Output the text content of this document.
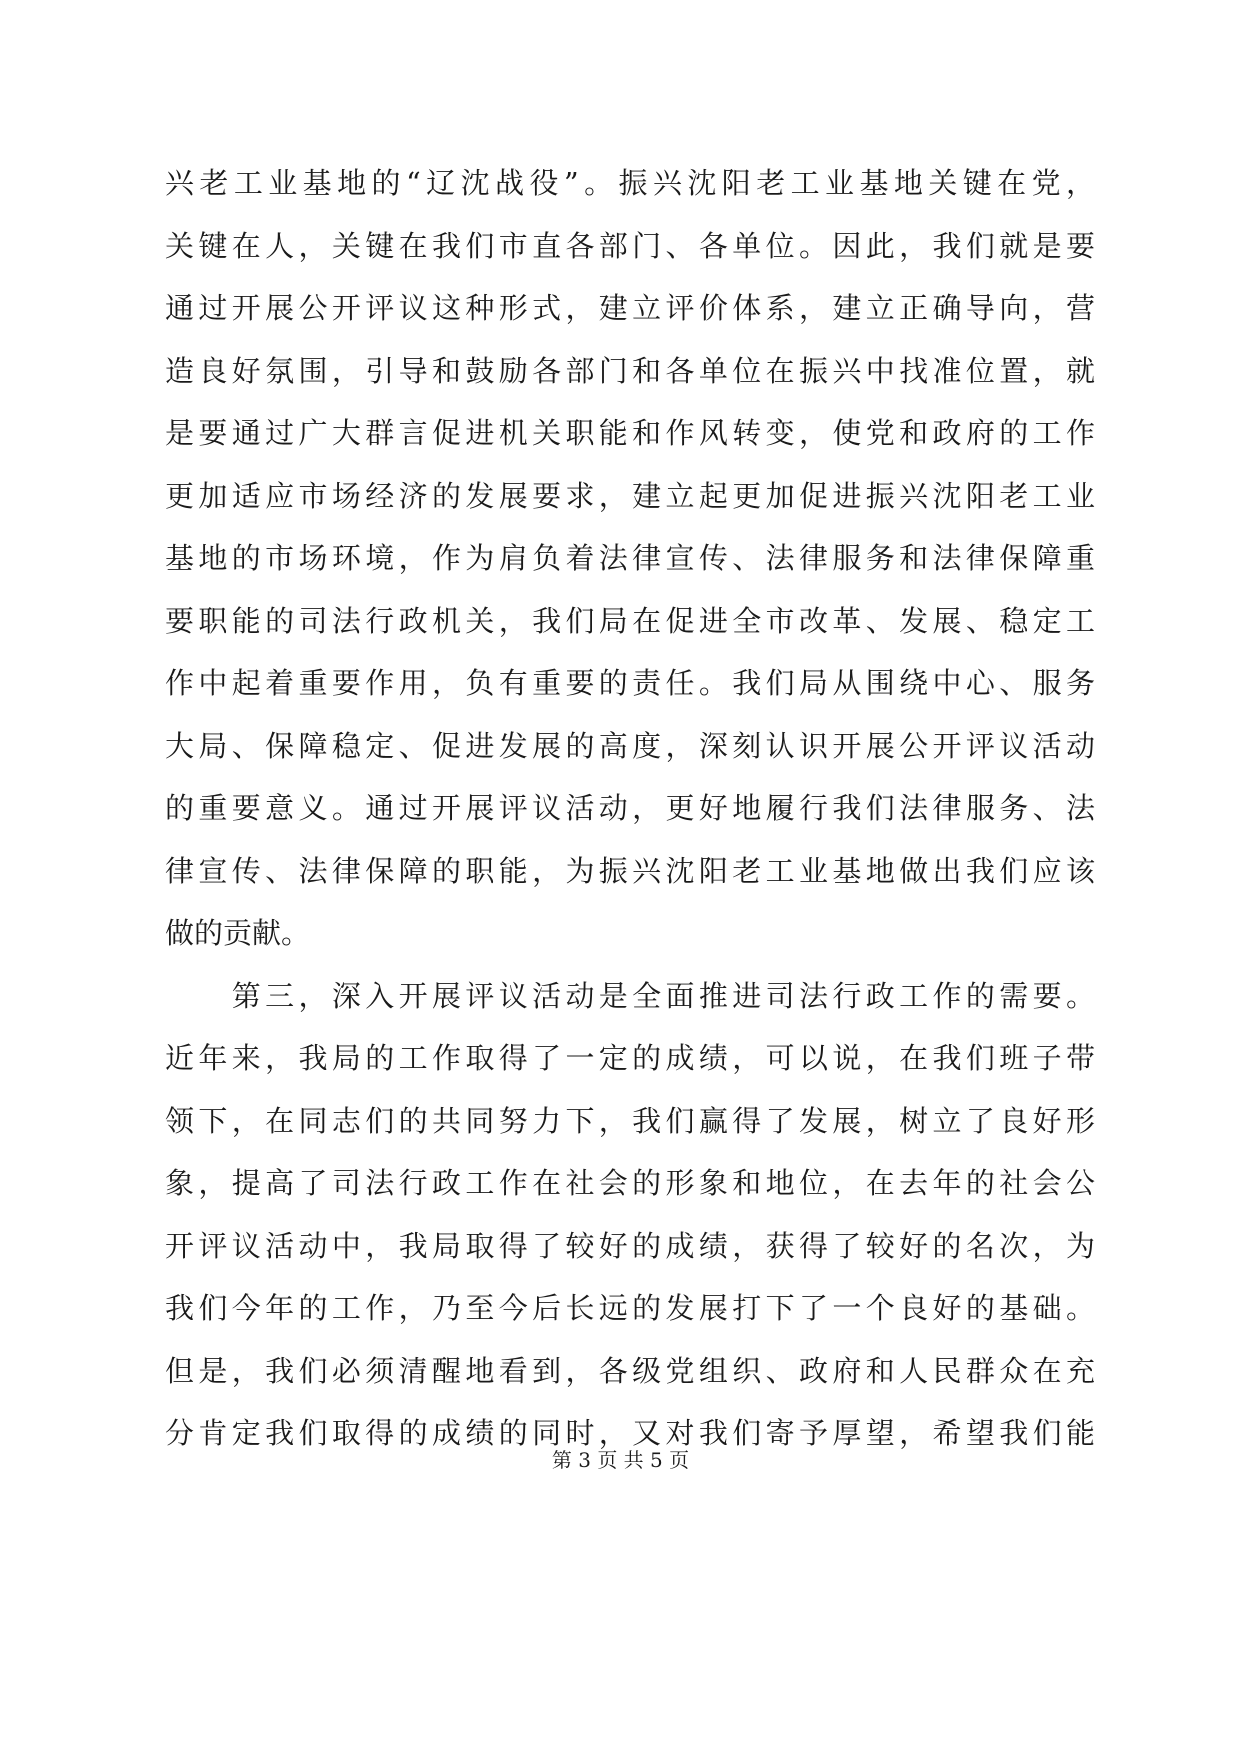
兴老工业基地的“辽沈战役”。振兴沈阳老工业基地关键在党，
关键在人，关键在我们市直各部门、各单位。因此，我们就是要
通过开展公开评议这种形式，建立评价体系，建立正确导向，营
造良好氛围，引导和鼓励各部门和各单位在振兴中找准位置，就
是要通过广大群言促进机关职能和作风转变，使党和政府的工作
更加适应市场经济的发展要求，建立起更加促进振兴沈阳老工业
基地的市场环境，作为肩负着法律宣传、法律服务和法律保障重
要职能的司法行政机关，我们局在促进全市改革、发展、稳定工
作中起着重要作用，负有重要的责任。我们局从围绕中心、服务
大局、保障稳定、促进发展的高度，深刻认识开展公开评议活动
的重要意义。通过开展评议活动，更好地履行我们法律服务、法
律宣传、法律保障的职能，为振兴沈阳老工业基地做出我们应该
做的贡献。
　　第三，深入开展评议活动是全面推进司法行政工作的需要。
近年来，我局的工作取得了一定的成绩，可以说，在我们班子带
领下，在同志们的共同努力下，我们赢得了发展，树立了良好形
象，提高了司法行政工作在社会的形象和地位，在去年的社会公
开评议活动中，我局取得了较好的成绩，获得了较好的名次，为
我们今年的工作，乃至今后长远的发展打下了一个良好的基础。
但是，我们必须清醒地看到，各级党组织、政府和人民群众在充
分肯定我们取得的成绩的同时，又对我们寄予厚望，希望我们能
第 3 页 共 5 页
